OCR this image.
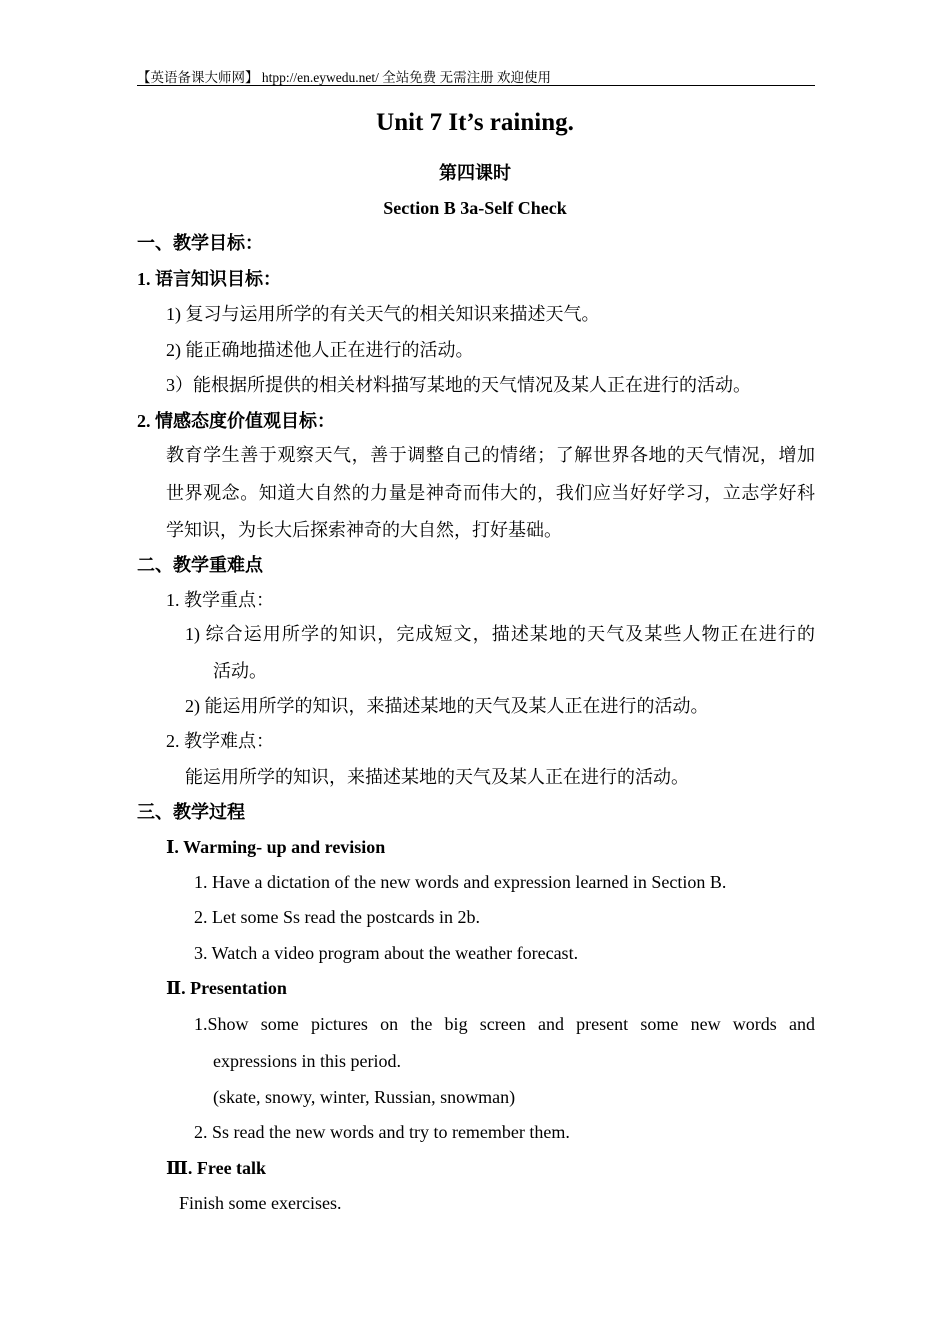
【英语备课大师网】 htpp://en.eywedu.net/ 全站免费 无需注册 欢迎使用
Unit 7 It’s raining.
第四课时
Section B 3a-Self Check
一、教学目标：
1. 语言知识目标：
1) 复习与运用所学的有关天气的相关知识来描述天气。
2) 能正确地描述他人正在进行的活动。
3）能根据所提供的相关材料描写某地的天气情况及某人正在进行的活动。
2. 情感态度价值观目标：
教育学生善于观察天气，善于调整自己的情绪；了解世界各地的天气情况，增加
世界观念。知道大自然的力量是神奇而伟大的，我们应当好好学习，立志学好科
学知识，为长大后探索神奇的大自然，打好基础。
二、教学重难点
1. 教学重点：
1) 综合运用所学的知识，完成短文，描述某地的天气及某些人物正在进行的
活动。
2) 能运用所学的知识，来描述某地的天气及某人正在进行的活动。
2. 教学难点：
能运用所学的知识，来描述某地的天气及某人正在进行的活动。
三、教学过程
Ⅰ. Warming- up and revision
1. Have a dictation of the new words and expression learned in Section B.
2. Let some Ss read the postcards in 2b.
3. Watch a video program about the weather forecast.
Ⅱ. Presentation
1.Show some pictures on the big screen and present some new words and
expressions in this period.
(skate, snowy, winter, Russian, snowman)
2. Ss read the new words and try to remember them.
Ⅲ. Free talk
Finish some exercises.
